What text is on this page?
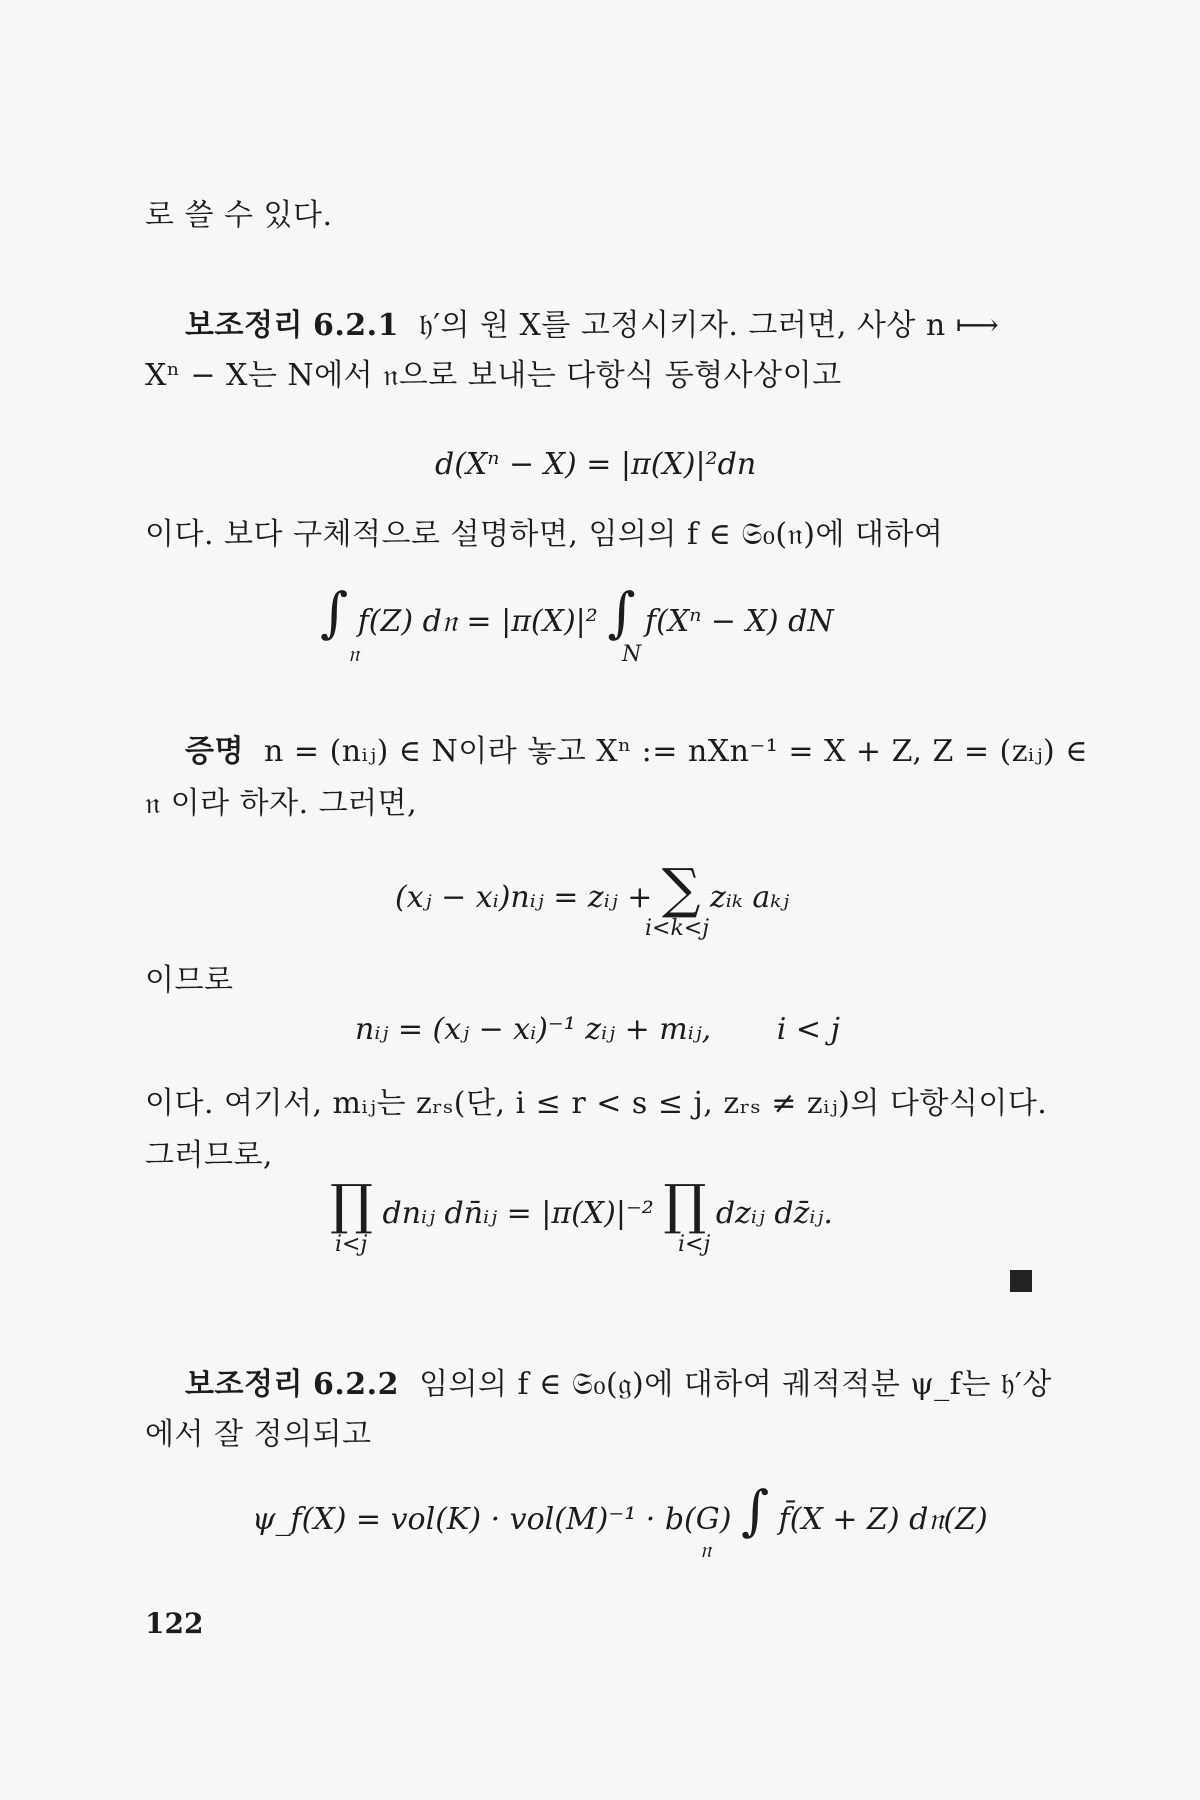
로 쓸 수 있다.
보조정리 6.2.1 𝔥′의 원 X를 고정시키자. 그러면, 사상 n ⟼
Xⁿ − X는 N에서 𝔫으로 보내는 다항식 동형사상이고
d(Xⁿ − X) = |π(X)|²dn
이다. 보다 구체적으로 설명하면, 임의의 f ∈ 𝔖₀(𝔫)에 대하여
∫ f(Z) d𝔫 = |π(X)|² ∫ f(Xⁿ − X) dN
𝔫	N
증명 n = (nᵢⱼ) ∈ N이라 놓고 Xⁿ := nXn⁻¹ = X + Z, Z = (zᵢⱼ) ∈
𝔫 이라 하자. 그러면,
(xⱼ − xᵢ)nᵢⱼ = zᵢⱼ + ∑ zᵢₖ aₖⱼ
i<k<j
이므로
nᵢⱼ = (xⱼ − xᵢ)⁻¹ zᵢⱼ + mᵢⱼ, i < j
이다. 여기서, mᵢⱼ는 zᵣₛ(단, i ≤ r < s ≤ j, zᵣₛ ≠ zᵢⱼ)의 다항식이다.
그러므로,
∏ dnᵢⱼ dn̄ᵢⱼ = |π(X)|⁻² ∏ dzᵢⱼ dz̄ᵢⱼ.
i<j	i<j
보조정리 6.2.2 임의의 f ∈ 𝔖₀(𝔤)에 대하여 궤적적분 ψ_f는 𝔥′상
에서 잘 정의되고
ψ_f(X) = vol(K) · vol(M)⁻¹ · b(G) ∫ f̄(X + Z) d𝔫(Z)
𝔫
122
